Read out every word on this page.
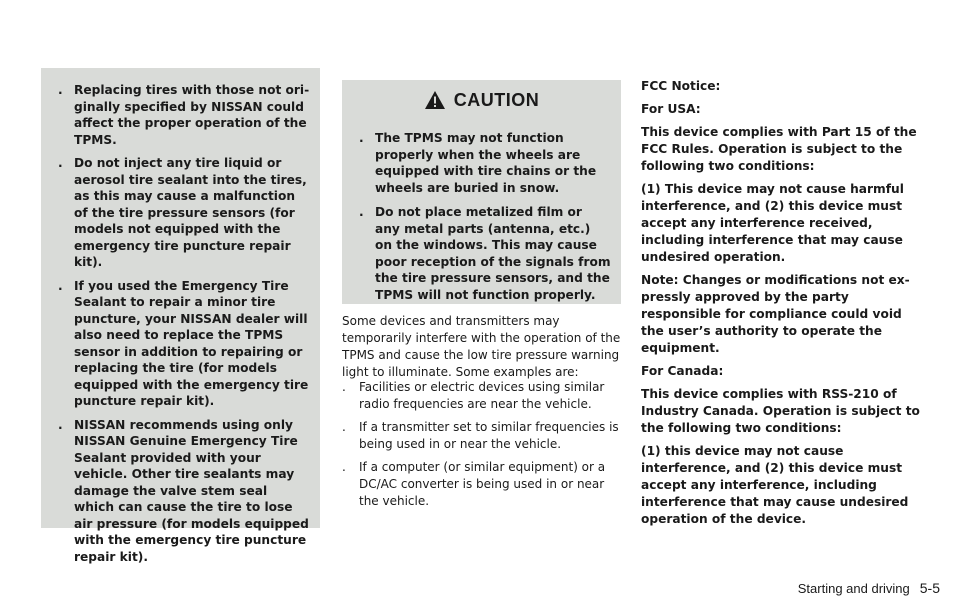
. Replacing tires with those not originally specified by NISSAN could affect the proper operation of the TPMS.
. Do not inject any tire liquid or aerosol tire sealant into the tires, as this may cause a malfunction of the tire pressure sensors (for models not equipped with the emergency tire puncture repair kit).
. If you used the Emergency Tire Sealant to repair a minor tire puncture, your NISSAN dealer will also need to replace the TPMS sensor in addition to repairing or replacing the tire (for models equipped with the emergency tire puncture repair kit).
. NISSAN recommends using only NISSAN Genuine Emergency Tire Sealant provided with your vehicle. Other tire sealants may damage the valve stem seal which can cause the tire to lose air pressure (for models equipped with the emergency tire puncture repair kit).
CAUTION
. The TPMS may not function properly when the wheels are equipped with tire chains or the wheels are buried in snow.
. Do not place metalized film or any metal parts (antenna, etc.) on the windows. This may cause poor reception of the signals from the tire pressure sensors, and the TPMS will not function properly.

Some devices and transmitters may temporarily interfere with the operation of the TPMS and cause the low tire pressure warning light to illuminate. Some examples are:

. Facilities or electric devices using similar radio frequencies are near the vehicle.
. If a transmitter set to similar frequencies is being used in or near the vehicle.
. If a computer (or similar equipment) or a DC/AC converter is being used in or near the vehicle.

FCC Notice:

For USA:

This device complies with Part 15 of the FCC Rules. Operation is subject to the following two conditions:

(1) This device may not cause harmful interference, and (2) this device must accept any interference received, including interference that may cause undesired operation.

Note: Changes or modifications not expressly approved by the party responsible for compliance could void the user’s authority to operate the equipment.

For Canada:

This device complies with RSS-210 of Industry Canada. Operation is subject to the following two conditions:

(1) this device may not cause interference, and (2) this device must accept any interference, including interference that may cause undesired operation of the device.

Starting and driving 5-5
